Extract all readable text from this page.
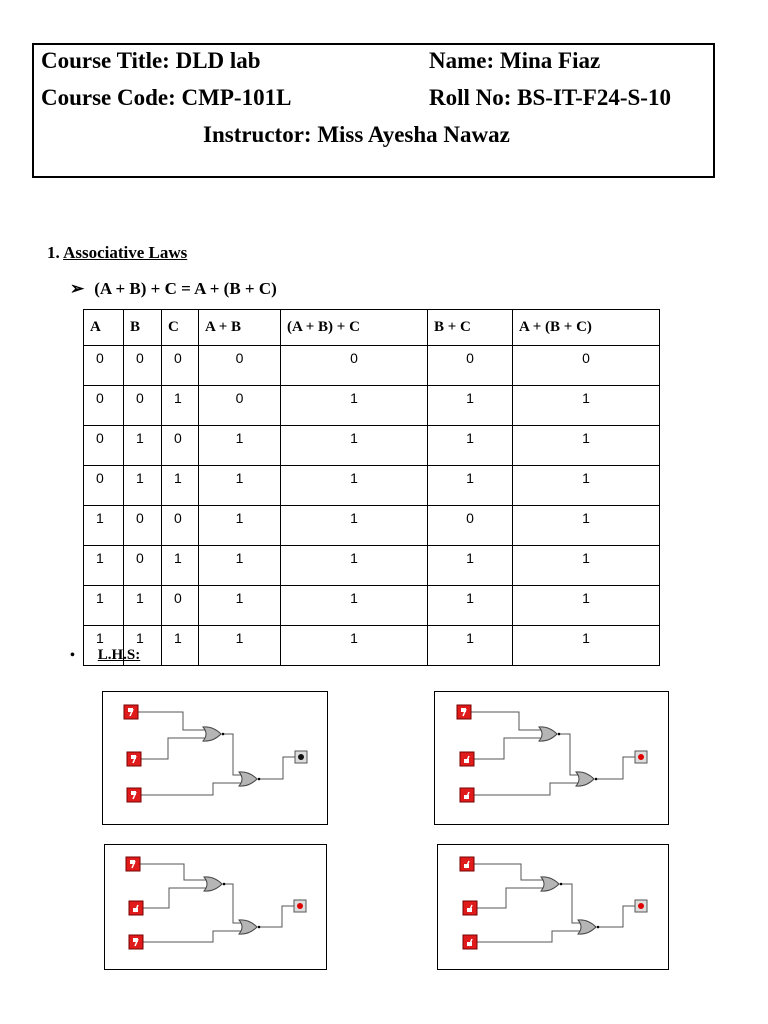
Course Title: DLD lab	Name: Mina Fiaz
Course Code: CMP-101L	Roll No: BS-IT-F24-S-10
Instructor: Miss Ayesha Nawaz
1. Associative Laws
➢ (A + B) + C = A + (B + C)
A	B	C	A + B	(A + B) + C	B + C	A + (B + C)
0	0	0	0	0	0	0
0	0	1	0	1	1	1
0	1	0	1	1	1	1
0	1	1	1	1	1	1
1	0	0	1	1	0	1
1	0	1	1	1	1	1
1	1	0	1	1	1	1
1	1	1	1	1	1	1
• L.H.S:
